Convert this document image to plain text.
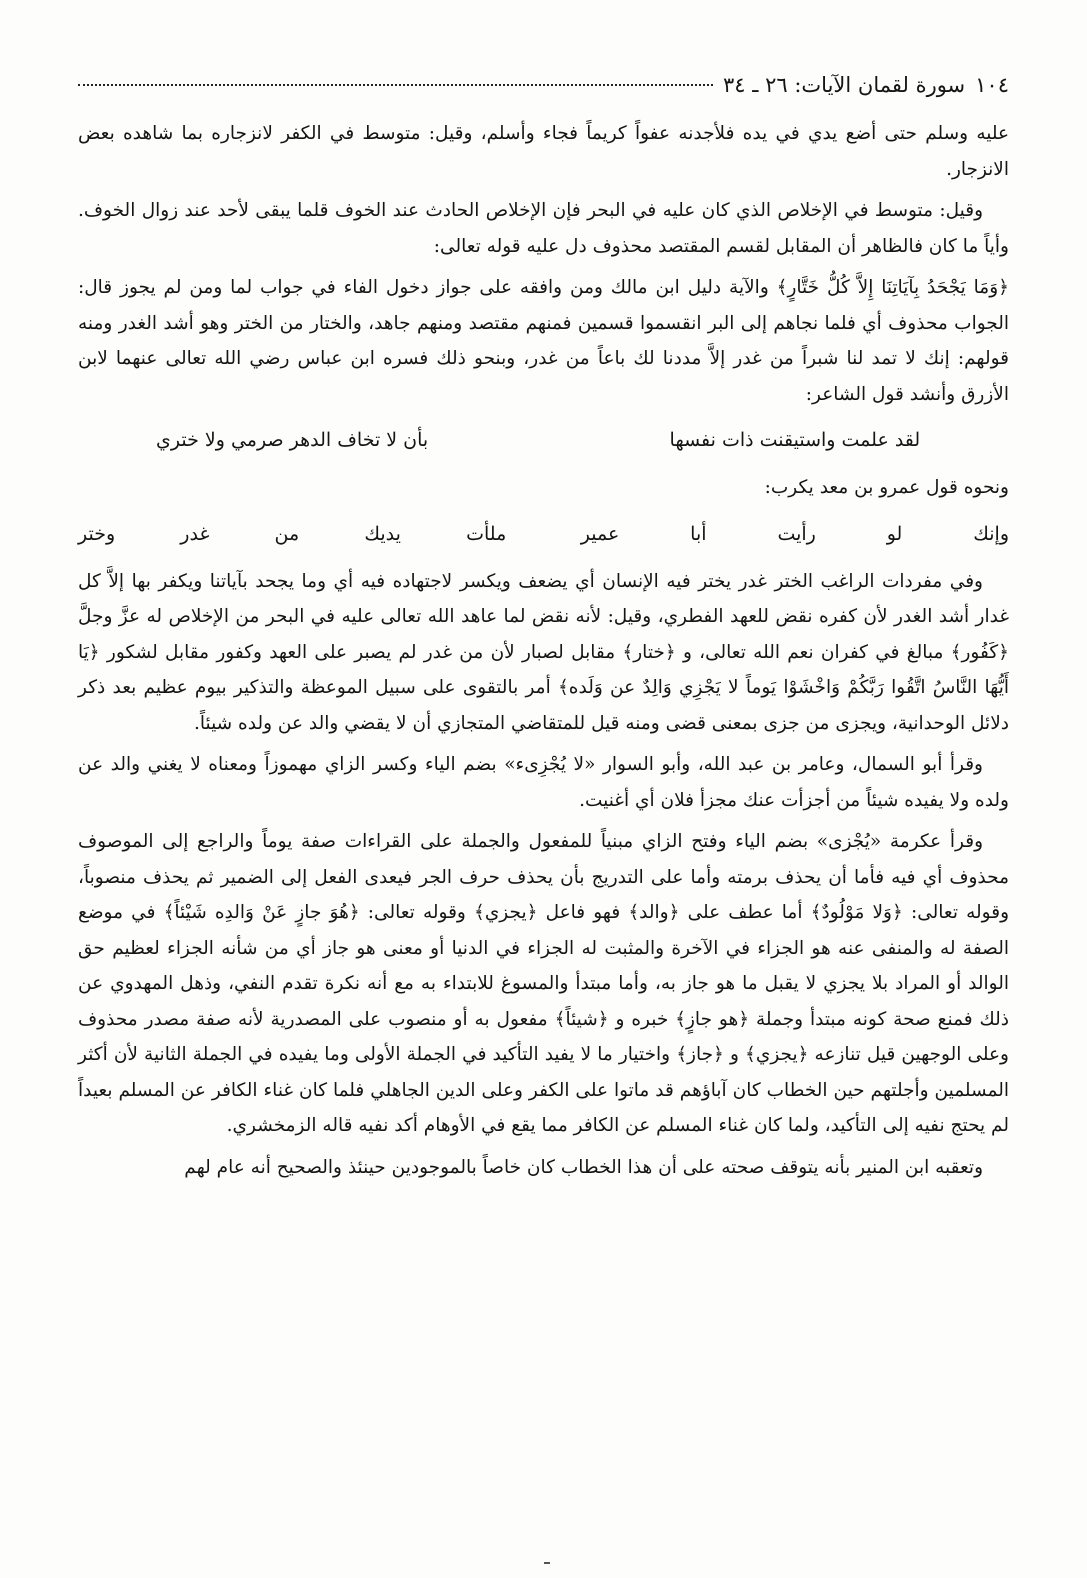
١٠٤
سورة لقمان الآيات: ٢٦ ـ ٣٤

عليه وسلم حتى أضع يدي في يده فلأجدنه عفواً كريماً فجاء وأسلم، وقيل: متوسط في الكفر لانزجاره بما شاهده بعض الانزجار.

وقيل: متوسط في الإخلاص الذي كان عليه في البحر فإن الإخلاص الحادث عند الخوف قلما يبقى لأحد عند زوال الخوف. وأياً ما كان فالظاهر أن المقابل لقسم المقتصد محذوف دل عليه قوله تعالى:

﴿وَمَا يَجْحَدُ بِآيَاتِنَا إِلاَّ كُلُّ خَتَّارٍ﴾ والآية دليل ابن مالك ومن وافقه على جواز دخول الفاء في جواب لما ومن لم يجوز قال: الجواب محذوف أي فلما نجاهم إلى البر انقسموا قسمين فمنهم مقتصد ومنهم جاهد، والختار من الختر وهو أشد الغدر ومنه قولهم: إنك لا تمد لنا شبراً من غدر إلاَّ مددنا لك باعاً من غدر، وبنحو ذلك فسره ابن عباس رضي الله تعالى عنهما لابن الأزرق وأنشد قول الشاعر:

لقد علمت واستيقنت ذات نفسها
بأن لا تخاف الدهر صرمي ولا ختري

ونحوه قول عمرو بن معد يكرب:

وإنك لو رأيت أبا عمير
ملأت يديك من غدر وختر

وفي مفردات الراغب الختر غدر يختر فيه الإنسان أي يضعف ويكسر لاجتهاده فيه أي وما يجحد بآياتنا ويكفر بها إلاَّ كل غدار أشد الغدر لأن كفره نقض للعهد الفطري، وقيل: لأنه نقض لما عاهد الله تعالى عليه في البحر من الإخلاص له عزَّ وجلَّ ﴿كَفُور﴾ مبالغ في كفران نعم الله تعالى، و ﴿ختار﴾ مقابل لصبار لأن من غدر لم يصبر على العهد وكفور مقابل لشكور ﴿يَا أَيُّهَا النَّاسُ اتَّقُوا رَبَّكُمْ وَاخْشَوْا يَوماً لا يَجْزِي وَالِدٌ عن وَلَده﴾ أمر بالتقوى على سبيل الموعظة والتذكير بيوم عظيم بعد ذكر دلائل الوحدانية، ويجزى من جزى بمعنى قضى ومنه قيل للمتقاضي المتجازي أن لا يقضي والد عن ولده شيئاً.

وقرأ أبو السمال، وعامر بن عبد الله، وأبو السوار «لا يُجْزِىء» بضم الياء وكسر الزاي مهموزاً ومعناه لا يغني والد عن ولده ولا يفيده شيئاً من أجزأت عنك مجزأ فلان أي أغنيت.

وقرأ عكرمة «يُجْزى» بضم الياء وفتح الزاي مبنياً للمفعول والجملة على القراءات صفة يوماً والراجع إلى الموصوف محذوف أي فيه فأما أن يحذف برمته وأما على التدريج بأن يحذف حرف الجر فيعدى الفعل إلى الضمير ثم يحذف منصوباً، وقوله تعالى: ﴿وَلا مَوْلُودٌ﴾ أما عطف على ﴿والد﴾ فهو فاعل ﴿يجزي﴾ وقوله تعالى: ﴿هُوَ جازٍ عَنْ وَالدِه شَيْئاً﴾ في موضع الصفة له والمنفى عنه هو الجزاء في الآخرة والمثبت له الجزاء في الدنيا أو معنى هو جاز أي من شأنه الجزاء لعظيم حق الوالد أو المراد بلا يجزي لا يقبل ما هو جاز به، وأما مبتدأ والمسوغ للابتداء به مع أنه نكرة تقدم النفي، وذهل المهدوي عن ذلك فمنع صحة كونه مبتدأ وجملة ﴿هو جازٍ﴾ خبره و ﴿شيئاً﴾ مفعول به أو منصوب على المصدرية لأنه صفة مصدر محذوف وعلى الوجهين قيل تنازعه ﴿يجزي﴾ و ﴿جاز﴾ واختيار ما لا يفيد التأكيد في الجملة الأولى وما يفيده في الجملة الثانية لأن أكثر المسلمين وأجلتهم حين الخطاب كان آباؤهم قد ماتوا على الكفر وعلى الدين الجاهلي فلما كان غناء الكافر عن المسلم بعيداً لم يحتج نفيه إلى التأكيد، ولما كان غناء المسلم عن الكافر مما يقع في الأوهام أكد نفيه قاله الزمخشري.

وتعقبه ابن المنير بأنه يتوقف صحته على أن هذا الخطاب كان خاصاً بالموجودين حينئذ والصحيح أنه عام لهم
